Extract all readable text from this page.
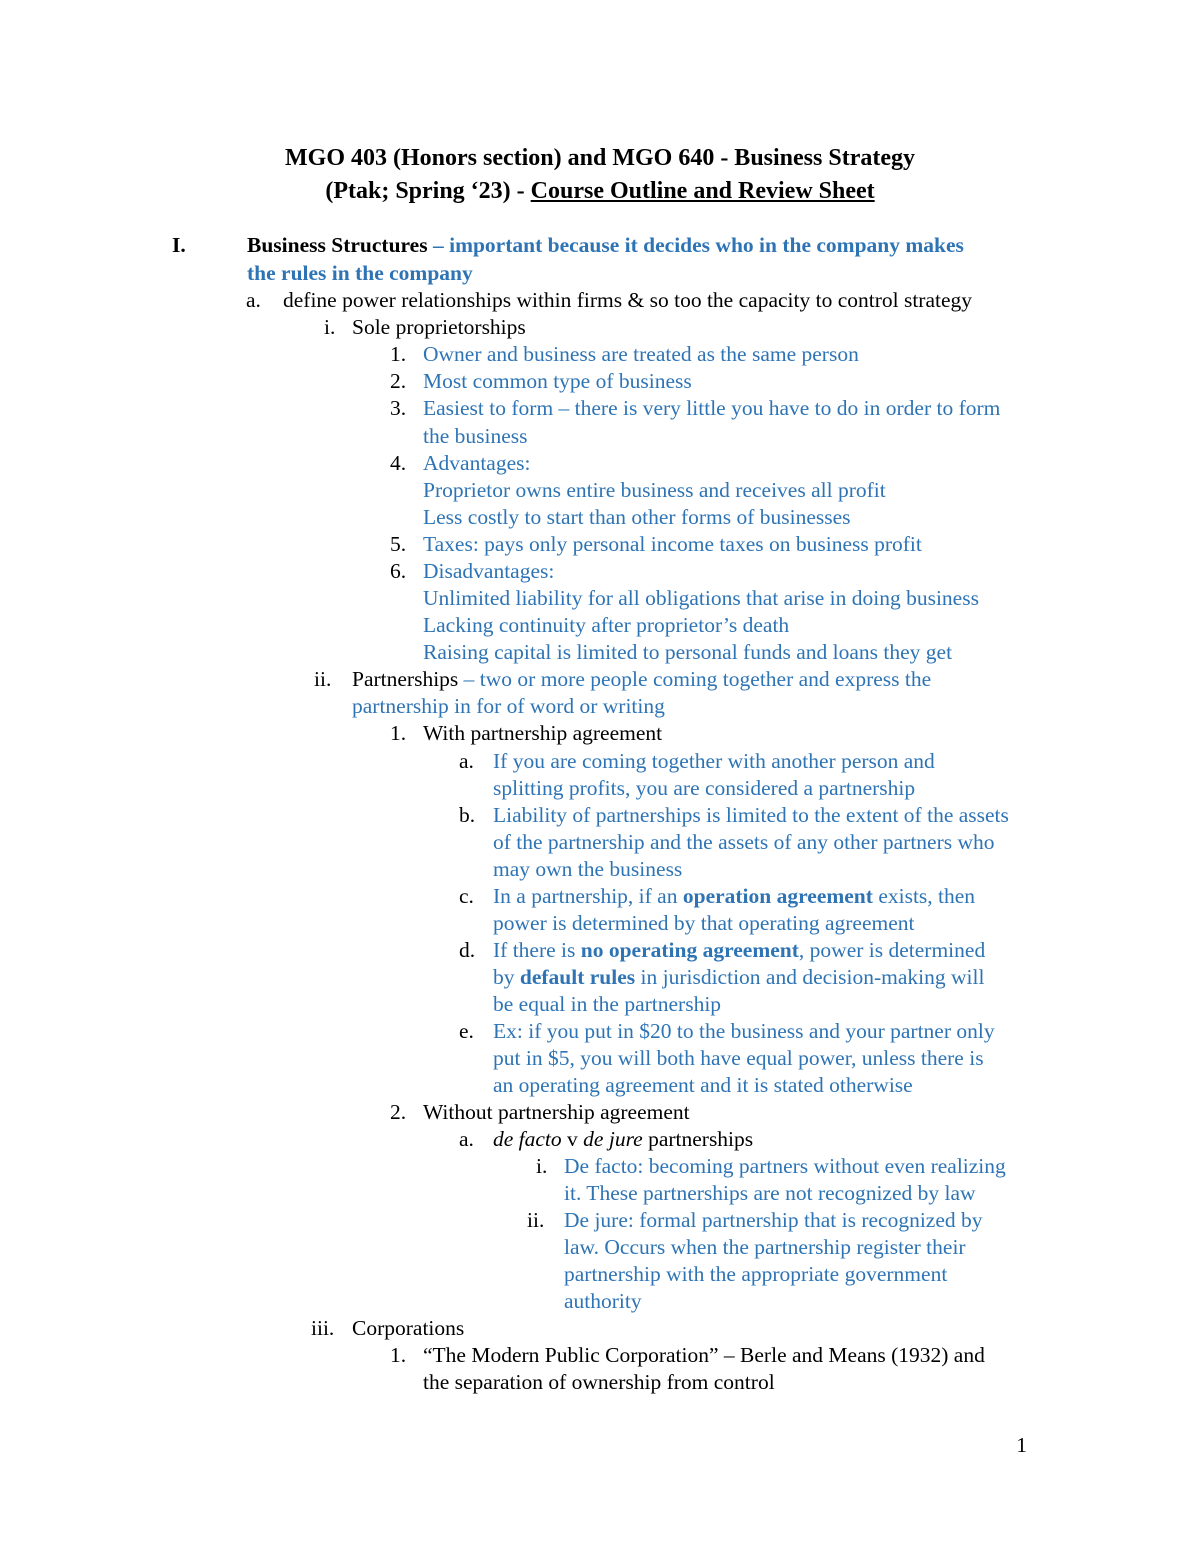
MGO 403 (Honors section) and MGO 640 - Business Strategy
(Ptak; Spring ‘23) - Course Outline and Review Sheet
I.	Business Structures – important because it decides who in the company makes
the rules in the company
a. define power relationships within firms & so too the capacity to control strategy
i. Sole proprietorships
1. Owner and business are treated as the same person
2. Most common type of business
3. Easiest to form – there is very little you have to do in order to form
the business
4. Advantages:
Proprietor owns entire business and receives all profit
Less costly to start than other forms of businesses
5. Taxes: pays only personal income taxes on business profit
6. Disadvantages:
Unlimited liability for all obligations that arise in doing business
Lacking continuity after proprietor’s death
Raising capital is limited to personal funds and loans they get
ii. Partnerships – two or more people coming together and express the
partnership in for of word or writing
1. With partnership agreement
a. If you are coming together with another person and
splitting profits, you are considered a partnership
b. Liability of partnerships is limited to the extent of the assets
of the partnership and the assets of any other partners who
may own the business
c. In a partnership, if an operation agreement exists, then
power is determined by that operating agreement
d. If there is no operating agreement, power is determined
by default rules in jurisdiction and decision-making will
be equal in the partnership
e. Ex: if you put in $20 to the business and your partner only
put in $5, you will both have equal power, unless there is
an operating agreement and it is stated otherwise
2. Without partnership agreement
a. de facto v de jure partnerships
i. De facto: becoming partners without even realizing
it. These partnerships are not recognized by law
ii. De jure: formal partnership that is recognized by
law. Occurs when the partnership register their
partnership with the appropriate government
authority
iii. Corporations
1. “The Modern Public Corporation” – Berle and Means (1932) and
the separation of ownership from control
1
